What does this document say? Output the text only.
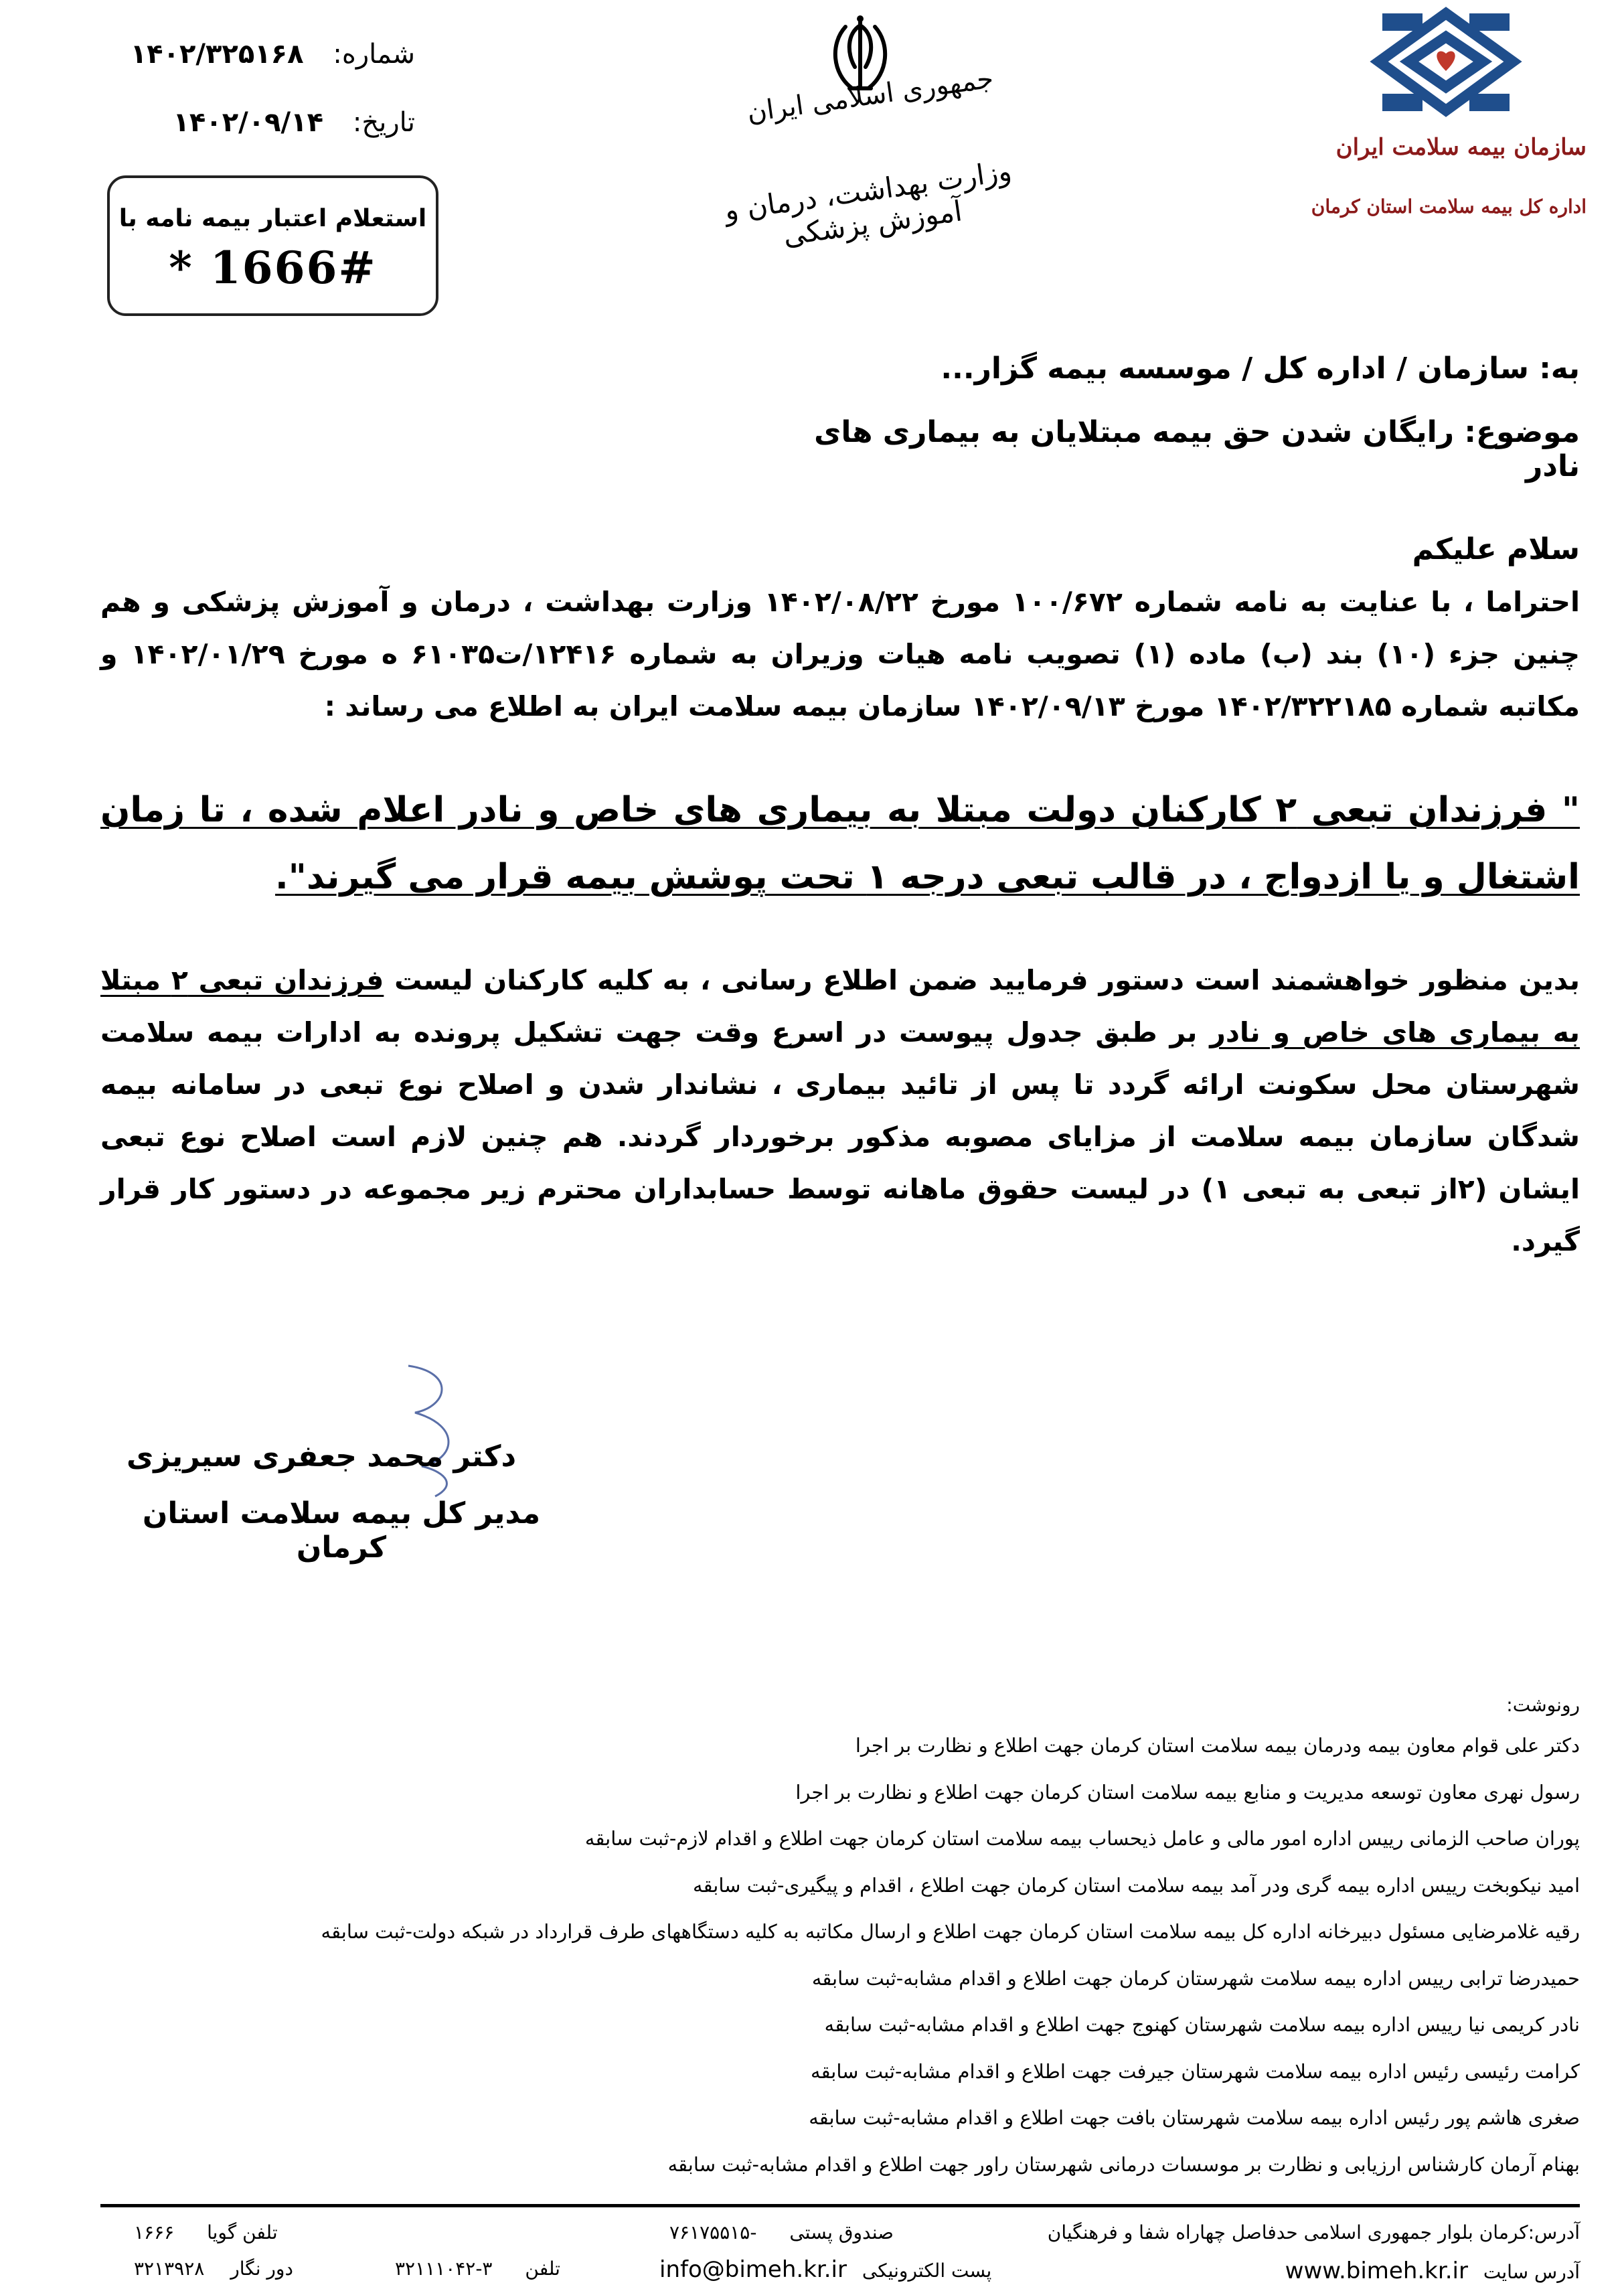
شماره: ۱۴۰۲/۳۲۵۱۶۸
تاریخ: ۱۴۰۲/۰۹/۱۴
استعلام اعتبار بیمه نامه با
* 1666#
جمهوری اسلامی ایران
وزارت بهداشت، درمان و آموزش پزشکی
سازمان بیمه سلامت ایران
اداره کل بیمه سلامت استان کرمان
به: سازمان / اداره کل / موسسه بیمه گزار...
موضوع: رایگان شدن حق بیمه مبتلایان به بیماری های نادر
سلام علیکم
احتراما ، با عنایت به نامه شماره ۱۰۰/۶۷۲ مورخ ۱۴۰۲/۰۸/۲۲ وزارت بهداشت ، درمان و آموزش پزشکی و هم چنین جزء (۱۰) بند (ب) ماده (۱) تصویب نامه هیات وزیران به شماره ۱۲۴۱۶/ت۶۱۰۳۵ ه مورخ ۱۴۰۲/۰۱/۲۹ و مکاتبه شماره ۱۴۰۲/۳۲۲۱۸۵ مورخ ۱۴۰۲/۰۹/۱۳ سازمان بیمه سلامت ایران به اطلاع می رساند :
" فرزندان تبعی ۲ کارکنان دولت مبتلا به بیماری های خاص و نادر اعلام شده ، تا زمان اشتغال و یا ازدواج ، در قالب تبعی درجه ۱ تحت پوشش بیمه قرار می گیرند".
بدین منظور خواهشمند است دستور فرمایید ضمن اطلاع رسانی ، به کلیه کارکنان لیست فرزندان تبعی ۲ مبتلا به بیماری های خاص و نادر بر طبق جدول پیوست در اسرع وقت جهت تشکیل پرونده به ادارات بیمه سلامت شهرستان محل سکونت ارائه گردد تا پس از تائید بیماری ، نشاندار شدن و اصلاح نوع تبعی در سامانه بیمه شدگان سازمان بیمه سلامت از مزایای مصوبه مذکور برخوردار گردند. هم چنین لازم است اصلاح نوع تبعی ایشان (۲از تبعی به تبعی ۱) در لیست حقوق ماهانه توسط حسابداران محترم زیر مجموعه در دستور کار قرار گیرد.
دکتر محمد جعفری سیریزی
مدیر کل بیمه سلامت استان کرمان
رونوشت:
دکتر علی قوام معاون بیمه ودرمان بیمه سلامت استان کرمان جهت اطلاع و نظارت بر اجرا
رسول نهری معاون توسعه مدیریت و منابع بیمه سلامت استان کرمان جهت اطلاع و نظارت بر اجرا
پوران صاحب الزمانی رییس اداره امور مالی و عامل ذیحساب بیمه سلامت استان کرمان جهت اطلاع و اقدام لازم-ثبت سابقه
امید نیکوبخت رییس اداره بیمه گری ودر آمد بیمه سلامت استان کرمان جهت اطلاع ، اقدام و پیگیری-ثبت سابقه
رقیه غلامرضایی مسئول دبیرخانه اداره کل بیمه سلامت استان کرمان جهت اطلاع و ارسال مکاتبه به کلیه دستگاههای طرف قرارداد در شبکه دولت-ثبت سابقه
حمیدرضا ترابی رییس اداره بیمه سلامت شهرستان کرمان جهت اطلاع و اقدام مشابه-ثبت سابقه
نادر کریمی نیا رییس اداره بیمه سلامت شهرستان کهنوج جهت اطلاع و اقدام مشابه-ثبت سابقه
کرامت رئیسی رئیس اداره بیمه سلامت شهرستان جیرفت جهت اطلاع و اقدام مشابه-ثبت سابقه
صغری هاشم پور رئیس اداره بیمه سلامت شهرستان بافت جهت اطلاع و اقدام مشابه-ثبت سابقه
بهنام آرمان کارشناس ارزیابی و نظارت بر موسسات درمانی شهرستان راور جهت اطلاع و اقدام مشابه-ثبت سابقه
آدرس:کرمان بلوار جمهوری اسلامی حدفاصل چهاراه شفا و فرهنگیان
آدرس سایت www.bimeh.kr.ir
صندوق پستی -۷۶۱۷۵۵۱۵
پست الکترونیکی info@bimeh.kr.ir
تلفن ۳-۳۲۱۱۱۰۴۲
تلفن گویا ۱۶۶۶
دور نگار ۳۲۱۳۹۲۸
